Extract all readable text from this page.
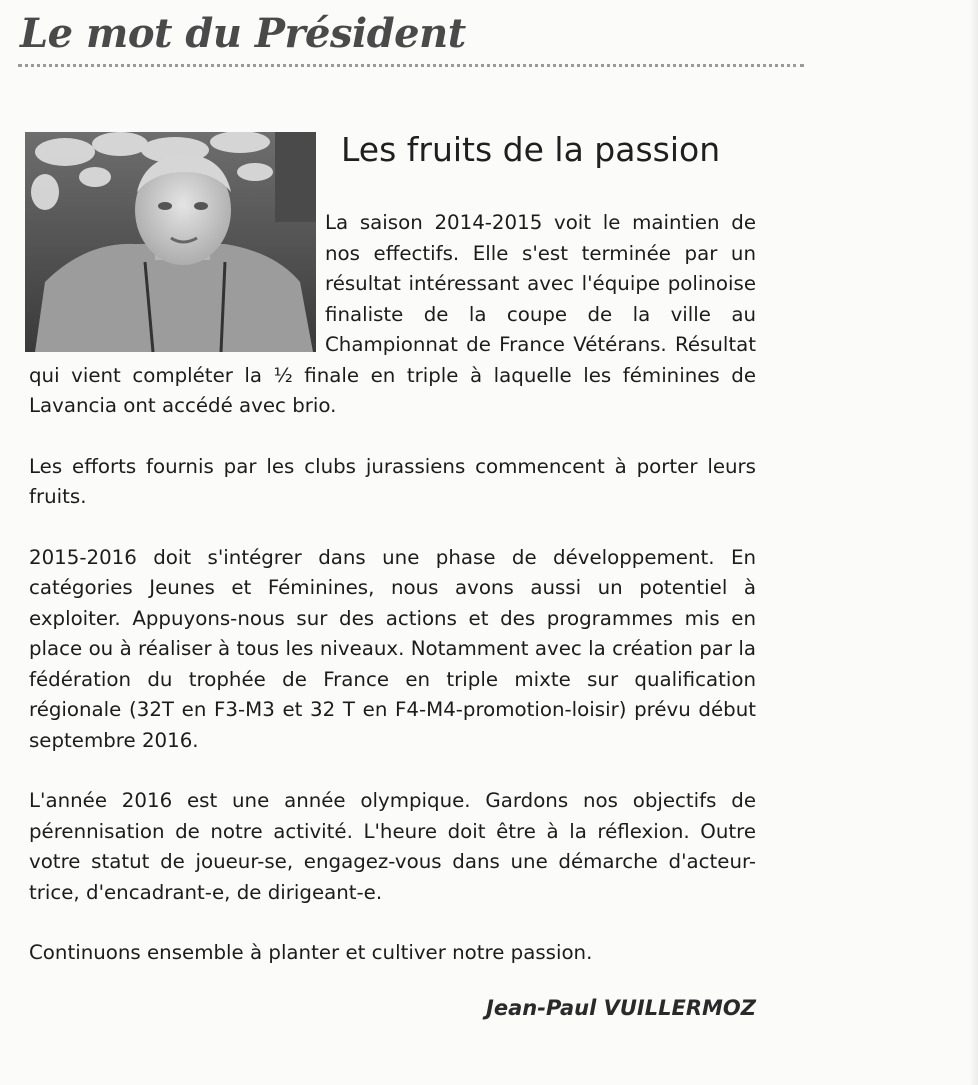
Le mot du Président
Les fruits de la passion

La saison 2014-2015 voit le maintien de nos effectifs. Elle s'est terminée par un résultat intéressant avec l'équipe polinoise finaliste de la coupe de la ville au Championnat de France Vétérans. Résultat qui vient compléter la ½ finale en triple à laquelle les féminines de Lavancia ont accédé avec brio.

Les efforts fournis par les clubs jurassiens commencent à porter leurs fruits.

2015-2016 doit s'intégrer dans une phase de développement. En catégories Jeunes et Féminines, nous avons aussi un potentiel à exploiter. Appuyons-nous sur des actions et des programmes mis en place ou à réaliser à tous les niveaux. Notamment avec la création par la fédération du trophée de France en triple mixte sur qualification régionale (32T en F3-M3 et 32 T en F4-M4-promotion-loisir) prévu début septembre 2016.

L'année 2016 est une année olympique. Gardons nos objectifs de pérennisation de notre activité. L'heure doit être à la réflexion. Outre votre statut de joueur-se, engagez-vous dans une démarche d'acteur-trice, d'encadrant-e, de dirigeant-e.

Continuons ensemble à planter et cultiver notre passion.

Jean-Paul VUILLERMOZ
